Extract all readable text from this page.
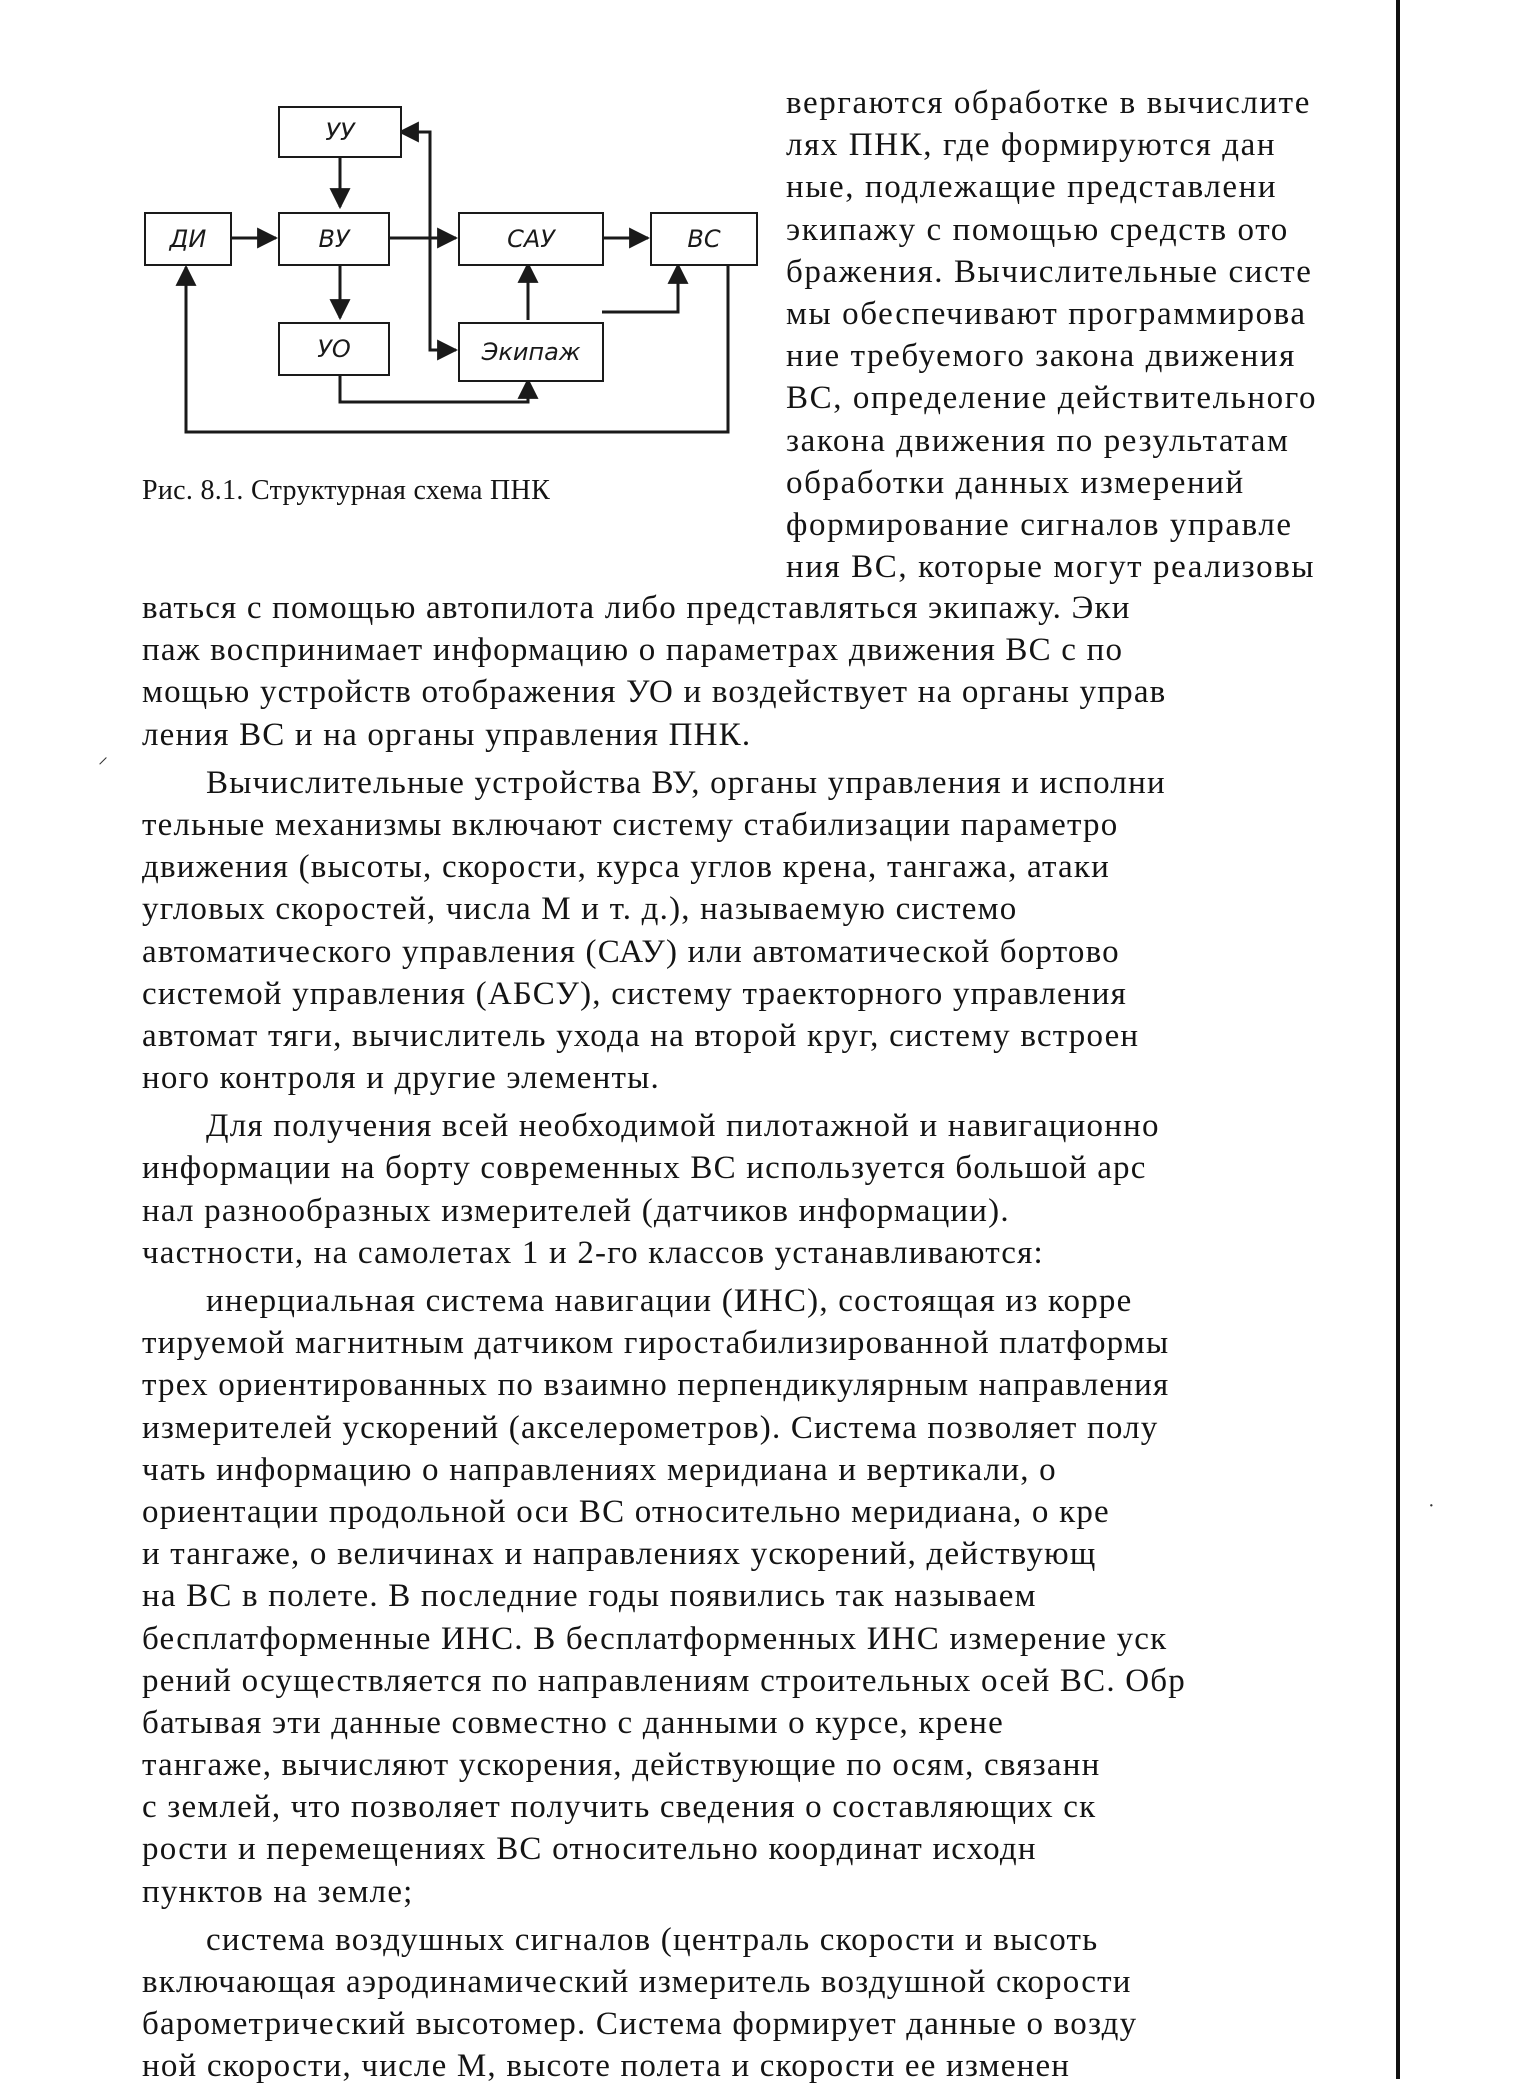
⸝
·
УУ
ДИ	ВУ	САУ	ВС
УО	Экипаж
Рис. 8.1. Структурная схема ПНК
вергаются обработке в вычислите
лях ПНК, где формируются дан
ные, подлежащие представлени
экипажу с помощью средств ото
бражения. Вычислительные систе
мы обеспечивают программирова
ние требуемого закона движения
ВС, определение действительного
закона движения по результатам
обработки данных измерений
формирование сигналов управле
ния ВС, которые могут реализовы
ваться с помощью автопилота либо представляться экипажу. Эки
паж воспринимает информацию о параметрах движения ВС с по
мощью устройств отображения УО и воздействует на органы управ
ления ВС и на органы управления ПНК.
Вычислительные устройства ВУ, органы управления и исполни
тельные механизмы включают систему стабилизации параметро
движения (высоты, скорости, курса углов крена, тангажа, атаки
угловых скоростей, числа М и т. д.), называемую системо
автоматического управления (САУ) или автоматической бортово
системой управления (АБСУ), систему траекторного управления
автомат тяги, вычислитель ухода на второй круг, систему встроен
ного контроля и другие элементы.
Для получения всей необходимой пилотажной и навигационно
информации на борту современных ВС используется большой арс
нал разнообразных измерителей (датчиков информации).
частности, на самолетах 1 и 2-го классов устанавливаются:
инерциальная система навигации (ИНС), состоящая из корре
тируемой магнитным датчиком гиростабилизированной платформы
трех ориентированных по взаимно перпендикулярным направления
измерителей ускорений (акселерометров). Система позволяет полу
чать информацию о направлениях меридиана и вертикали, о
ориентации продольной оси ВС относительно меридиана, о кре
и тангаже, о величинах и направлениях ускорений, действующ
на ВС в полете. В последние годы появились так называем
бесплатформенные ИНС. В бесплатформенных ИНС измерение уск
рений осуществляется по направлениям строительных осей ВС. Обр
батывая эти данные совместно с данными о курсе, крене
тангаже, вычисляют ускорения, действующие по осям, связанн
с землей, что позволяет получить сведения о составляющих ск
рости и перемещениях ВС относительно координат исходн
пунктов на земле;
система воздушных сигналов (централь скорости и высоть
включающая аэродинамический измеритель воздушной скорости
барометрический высотомер. Система формирует данные о возду
ной скорости, числе М, высоте полета и скорости ее изменен
